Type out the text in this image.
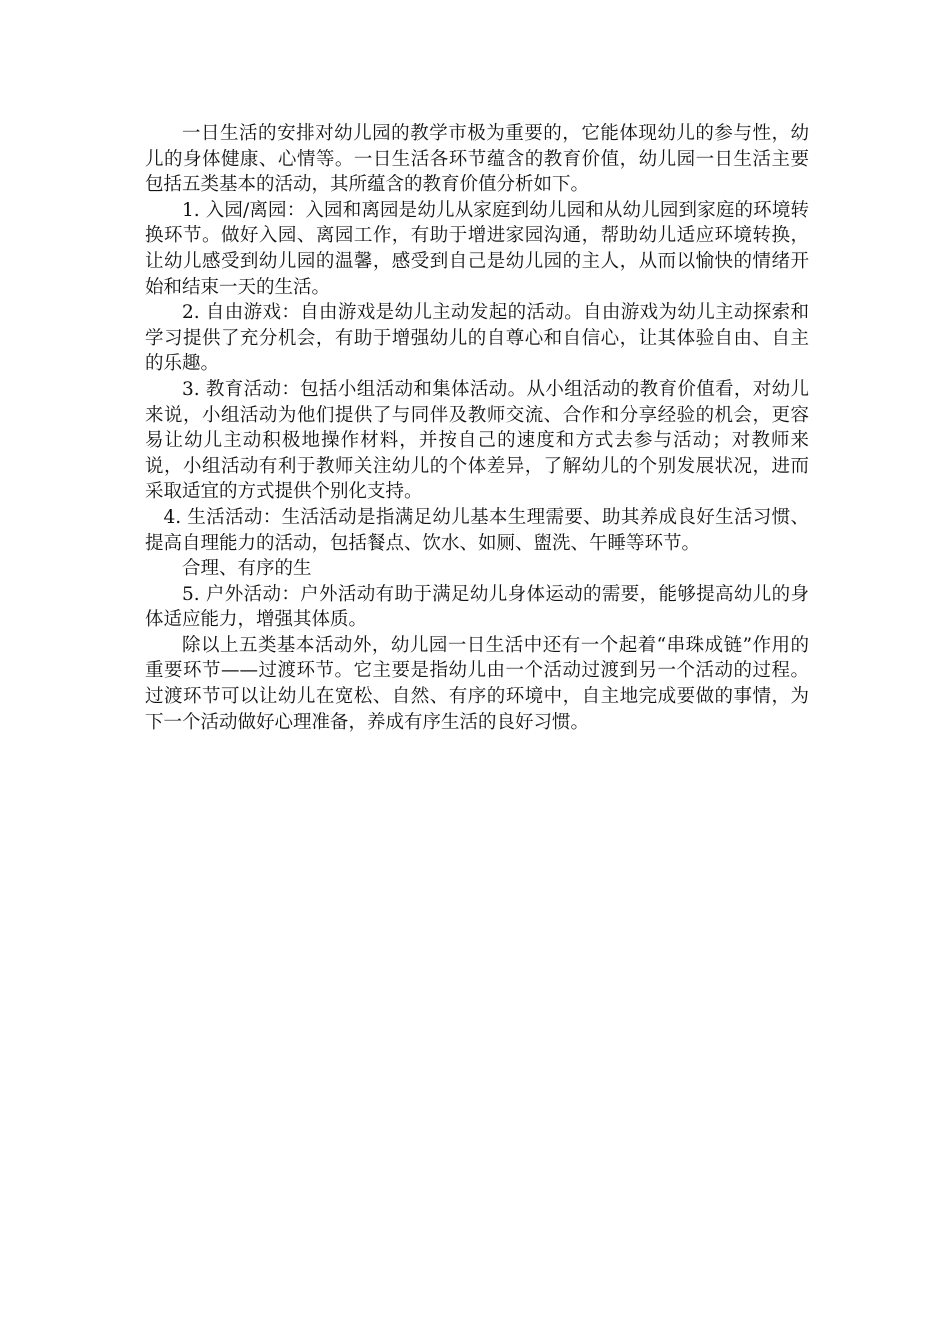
一日生活的安排对幼儿园的教学市极为重要的，它能体现幼儿的参与性，幼儿的身体健康、心情等。一日生活各环节蕴含的教育价值，幼儿园一日生活主要包括五类基本的活动，其所蕴含的教育价值分析如下。

1. 入园/离园：入园和离园是幼儿从家庭到幼儿园和从幼儿园到家庭的环境转换环节。做好入园、离园工作，有助于增进家园沟通，帮助幼儿适应环境转换，让幼儿感受到幼儿园的温馨，感受到自己是幼儿园的主人，从而以愉快的情绪开始和结束一天的生活。

2. 自由游戏：自由游戏是幼儿主动发起的活动。自由游戏为幼儿主动探索和学习提供了充分机会，有助于增强幼儿的自尊心和自信心，让其体验自由、自主的乐趣。

3. 教育活动：包括小组活动和集体活动。从小组活动的教育价值看，对幼儿来说，小组活动为他们提供了与同伴及教师交流、合作和分享经验的机会，更容易让幼儿主动积极地操作材料，并按自己的速度和方式去参与活动；对教师来说，小组活动有利于教师关注幼儿的个体差异，了解幼儿的个别发展状况，进而采取适宜的方式提供个别化支持。

4. 生活活动：生活活动是指满足幼儿基本生理需要、助其养成良好生活习惯、提高自理能力的活动，包括餐点、饮水、如厕、盥洗、午睡等环节。

合理、有序的生

5. 户外活动：户外活动有助于满足幼儿身体运动的需要，能够提高幼儿的身体适应能力，增强其体质。

除以上五类基本活动外，幼儿园一日生活中还有一个起着“串珠成链”作用的重要环节——过渡环节。它主要是指幼儿由一个活动过渡到另一个活动的过程。过渡环节可以让幼儿在宽松、自然、有序的环境中，自主地完成要做的事情，为下一个活动做好心理准备，养成有序生活的良好习惯。
